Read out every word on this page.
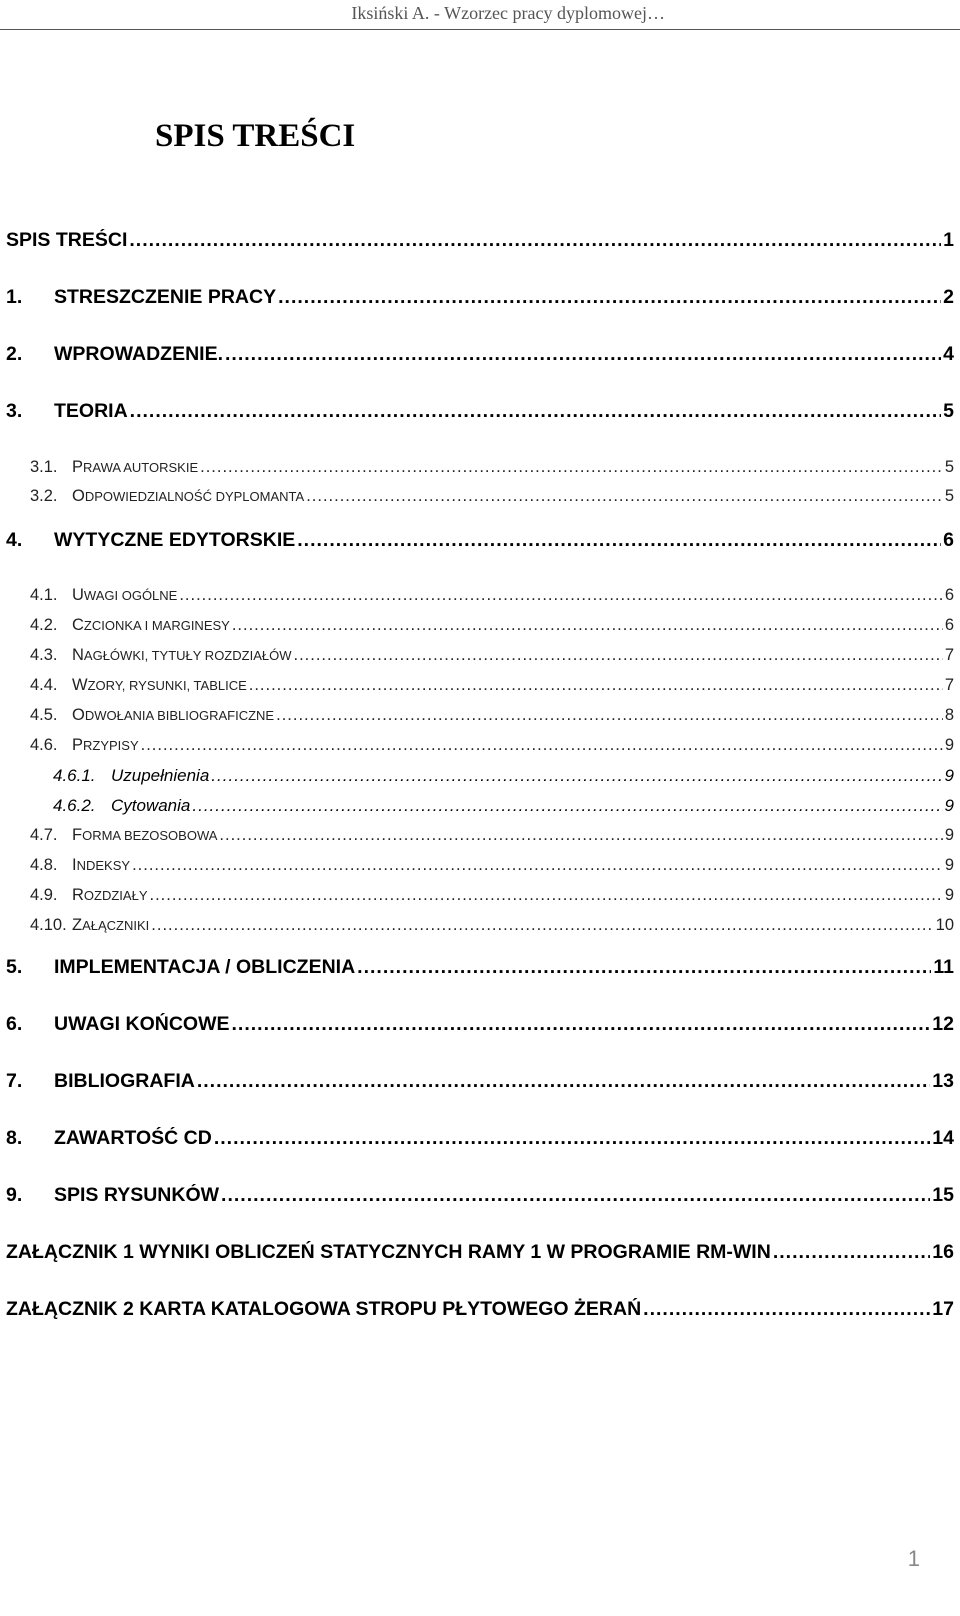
Iksiński A. - Wzorzec pracy dyplomowej…
SPIS TREŚCI
SPIS TREŚCI .....	1
1.	STRESZCZENIE PRACY .....	2
2.	WPROWADZENIE. .....	4
3.	TEORIA .....	5
3.1. PRAWA AUTORSKIE .....	5
3.2. ODPOWIEDZIALNOŚĆ DYPLOMANTA .....	5
4.	WYTYCZNE EDYTORSKIE .....	6
4.1. UWAGI OGÓLNE .....	6
4.2. CZCIONKA I MARGINESY .....	6
4.3. NAGŁÓWKI, TYTUŁY ROZDZIAŁÓW .....	7
4.4. WZORY, RYSUNKI, TABLICE .....	7
4.5. ODWOŁANIA BIBLIOGRAFICZNE .....	8
4.6. PRZYPISY .....	9
4.6.1. Uzupełnienia .....	9
4.6.2. Cytowania .....	9
4.7. FORMA BEZOSOBOWA .....	9
4.8. INDEKSY .....	9
4.9. ROZDZIAŁY .....	9
4.10. ZAŁĄCZNIKI .....	10
5.	IMPLEMENTACJA / OBLICZENIA .....	11
6.	UWAGI KOŃCOWE .....	12
7.	BIBLIOGRAFIA .....	13
8.	ZAWARTOŚĆ CD .....	14
9.	SPIS RYSUNKÓW .....	15
ZAŁĄCZNIK 1 WYNIKI OBLICZEŃ STATYCZNYCH RAMY 1 W PROGRAMIE RM-WIN .....	16
ZAŁĄCZNIK 2 KARTA KATALOGOWA STROPU PŁYTOWEGO ŻERAŃ .....	17
1
